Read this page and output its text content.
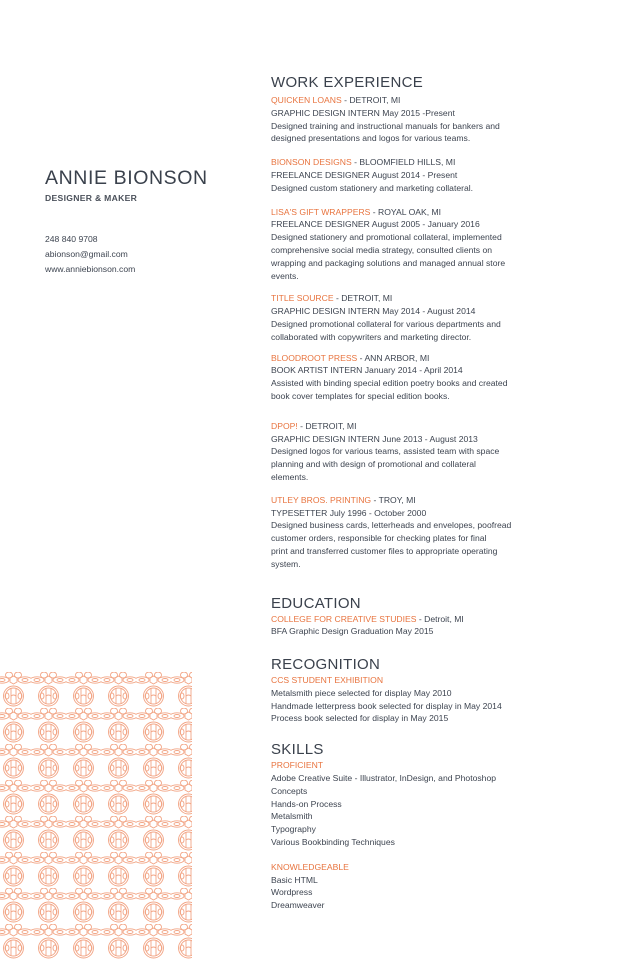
ANNIE BIONSON
DESIGNER & MAKER
248 840 9708
abionson@gmail.com
www.anniebionson.com
WORK EXPERIENCE
QUICKEN LOANS - DETROIT, MI
GRAPHIC DESIGN INTERN May 2015 -Present
Designed training and instructional manuals for bankers and
designed presentations and logos for various teams.
BIONSON DESIGNS - BLOOMFIELD HILLS, MI
FREELANCE DESIGNER August 2014 - Present
Designed custom stationery and marketing collateral.
LISA'S GIFT WRAPPERS - ROYAL OAK, MI
FREELANCE DESIGNER August 2005 - January 2016
Designed stationery and promotional collateral, implemented
comprehensive social media strategy, consulted clients on
wrapping and packaging solutions and managed annual store
events.
TITLE SOURCE - DETROIT, MI
GRAPHIC DESIGN INTERN May 2014 - August 2014
Designed promotional collateral for various departments and
collaborated with copywriters and marketing director.
BLOODROOT PRESS - ANN ARBOR, MI
BOOK ARTIST INTERN January 2014 - April 2014
Assisted with binding special edition poetry books and created
book cover templates for special edition books.
DPOP! - DETROIT, MI
GRAPHIC DESIGN INTERN June 2013 - August 2013
Designed logos for various teams, assisted team with space
planning and with design of promotional and collateral
elements.
UTLEY BROS. PRINTING - TROY, MI
TYPESETTER July 1996 - October 2000
Designed business cards, letterheads and envelopes, poofread
customer orders, responsible for checking plates for final
print and transferred customer files to appropriate operating
system.
EDUCATION
COLLEGE FOR CREATIVE STUDIES - Detroit, MI
BFA Graphic Design Graduation May 2015
RECOGNITION
CCS STUDENT EXHIBITION
Metalsmith piece selected for display May 2010
Handmade letterpress book selected for display in May 2014
Process book selected for display in May 2015
SKILLS
PROFICIENT
Adobe Creative Suite - Illustrator, InDesign, and Photoshop
Concepts
Hands-on Process
Metalsmith
Typography
Various Bookbinding Techniques
KNOWLEDGEABLE
Basic HTML
Wordpress
Dreamweaver
